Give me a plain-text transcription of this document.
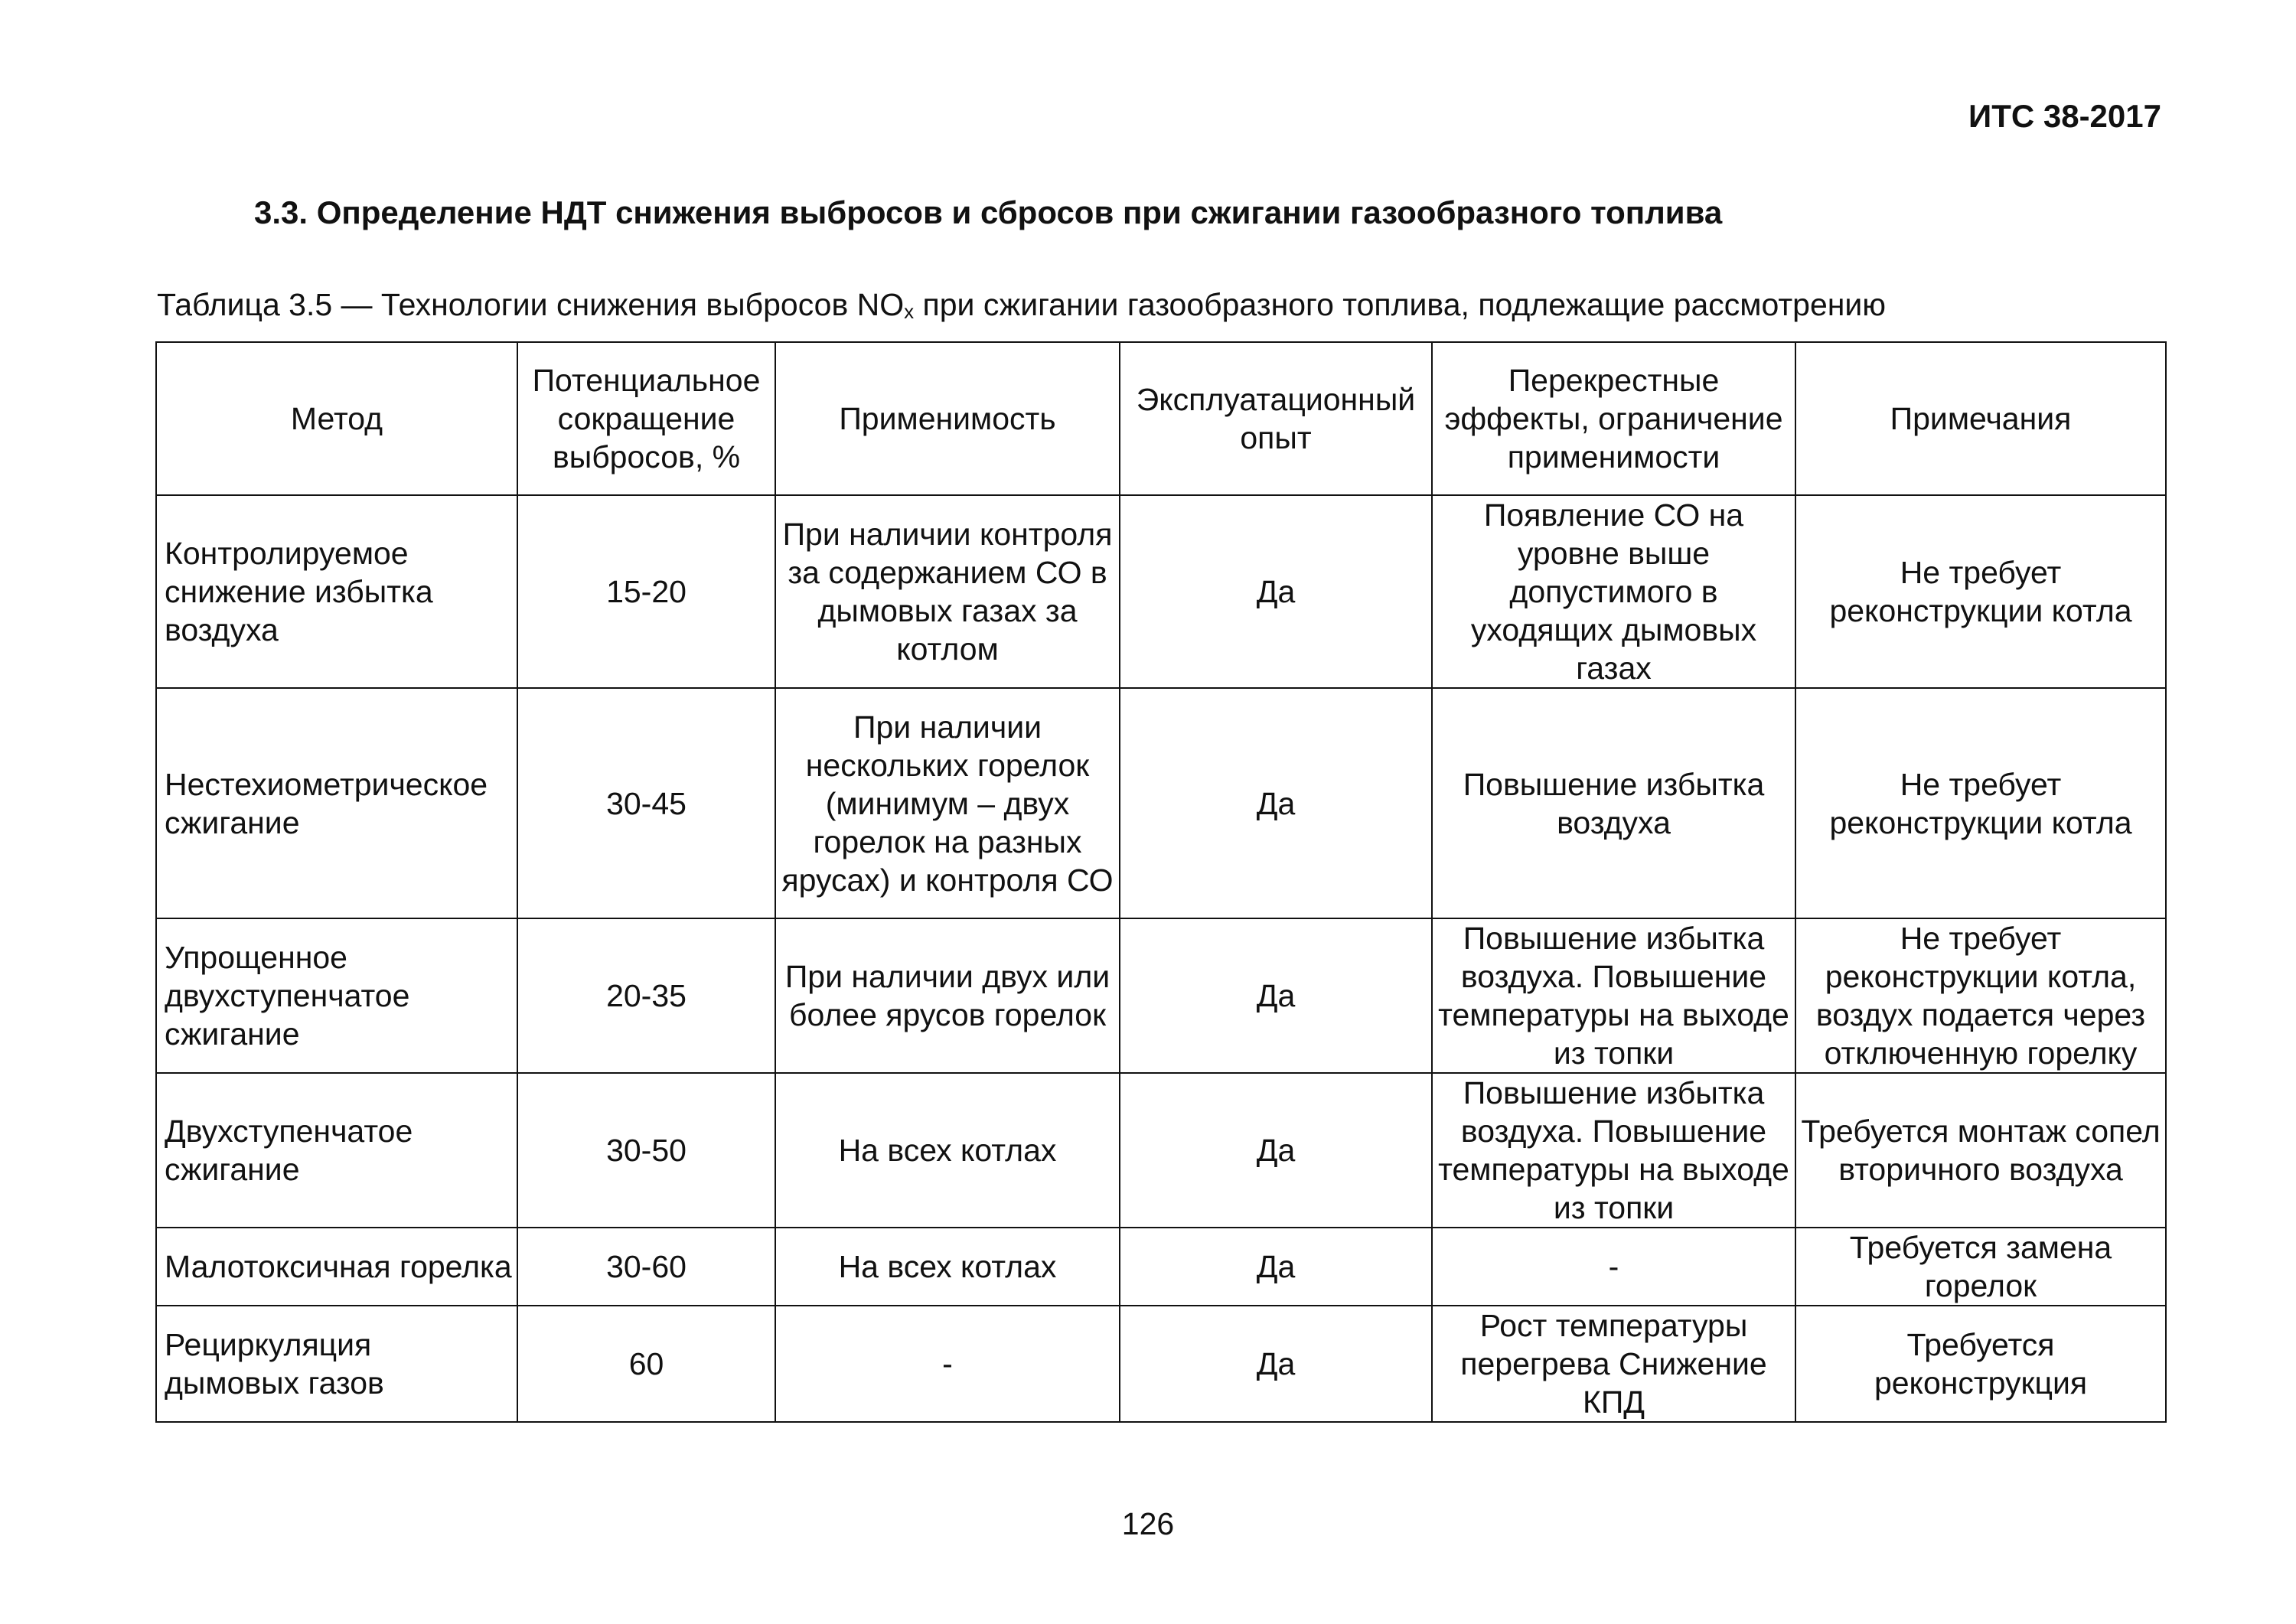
ИТС 38-2017
3.3. Определение НДТ снижения выбросов и сбросов при сжигании газообразного топлива
Таблица 3.5 — Технологии снижения выбросов $NO_x$ при сжигании газообразного топлива, подлежащие рассмотрению
Метод	Потенциальное сокращение выбросов, %	Применимость	Эксплуатационный опыт	Перекрестные эффекты, ограничение применимости	Примечания

Контролируемое снижение избытка воздуха	15-20	При наличии контроля за содержанием СО в дымовых газах за котлом	Да	Появление СО на уровне выше допустимого в уходящих дымовых газах	Не требует реконструкции котла
Нестехиометрическое сжигание	30-45	При наличии нескольких горелок (минимум – двух горелок на разных ярусах) и контроля СО	Да	Повышение избытка воздуха	Не требует реконструкции котла
Упрощенное двухступенчатое сжигание	20-35	При наличии двух или более ярусов горелок	Да	Повышение избытка воздуха. Повышение температуры на выходе из топки	Не требует реконструкции котла, воздух подается через отключенную горелку
Двухступенчатое сжигание	30-50	На всех котлах	Да	Повышение избытка воздуха. Повышение температуры на выходе из топки	Требуется монтаж сопел вторичного воздуха
Малотоксичная горелка	30-60	На всех котлах	Да	-	Требуется замена горелок
Рециркуляция дымовых газов	60	-	Да	Рост температуры перегрева Снижение КПД	Требуется реконструкция
126
